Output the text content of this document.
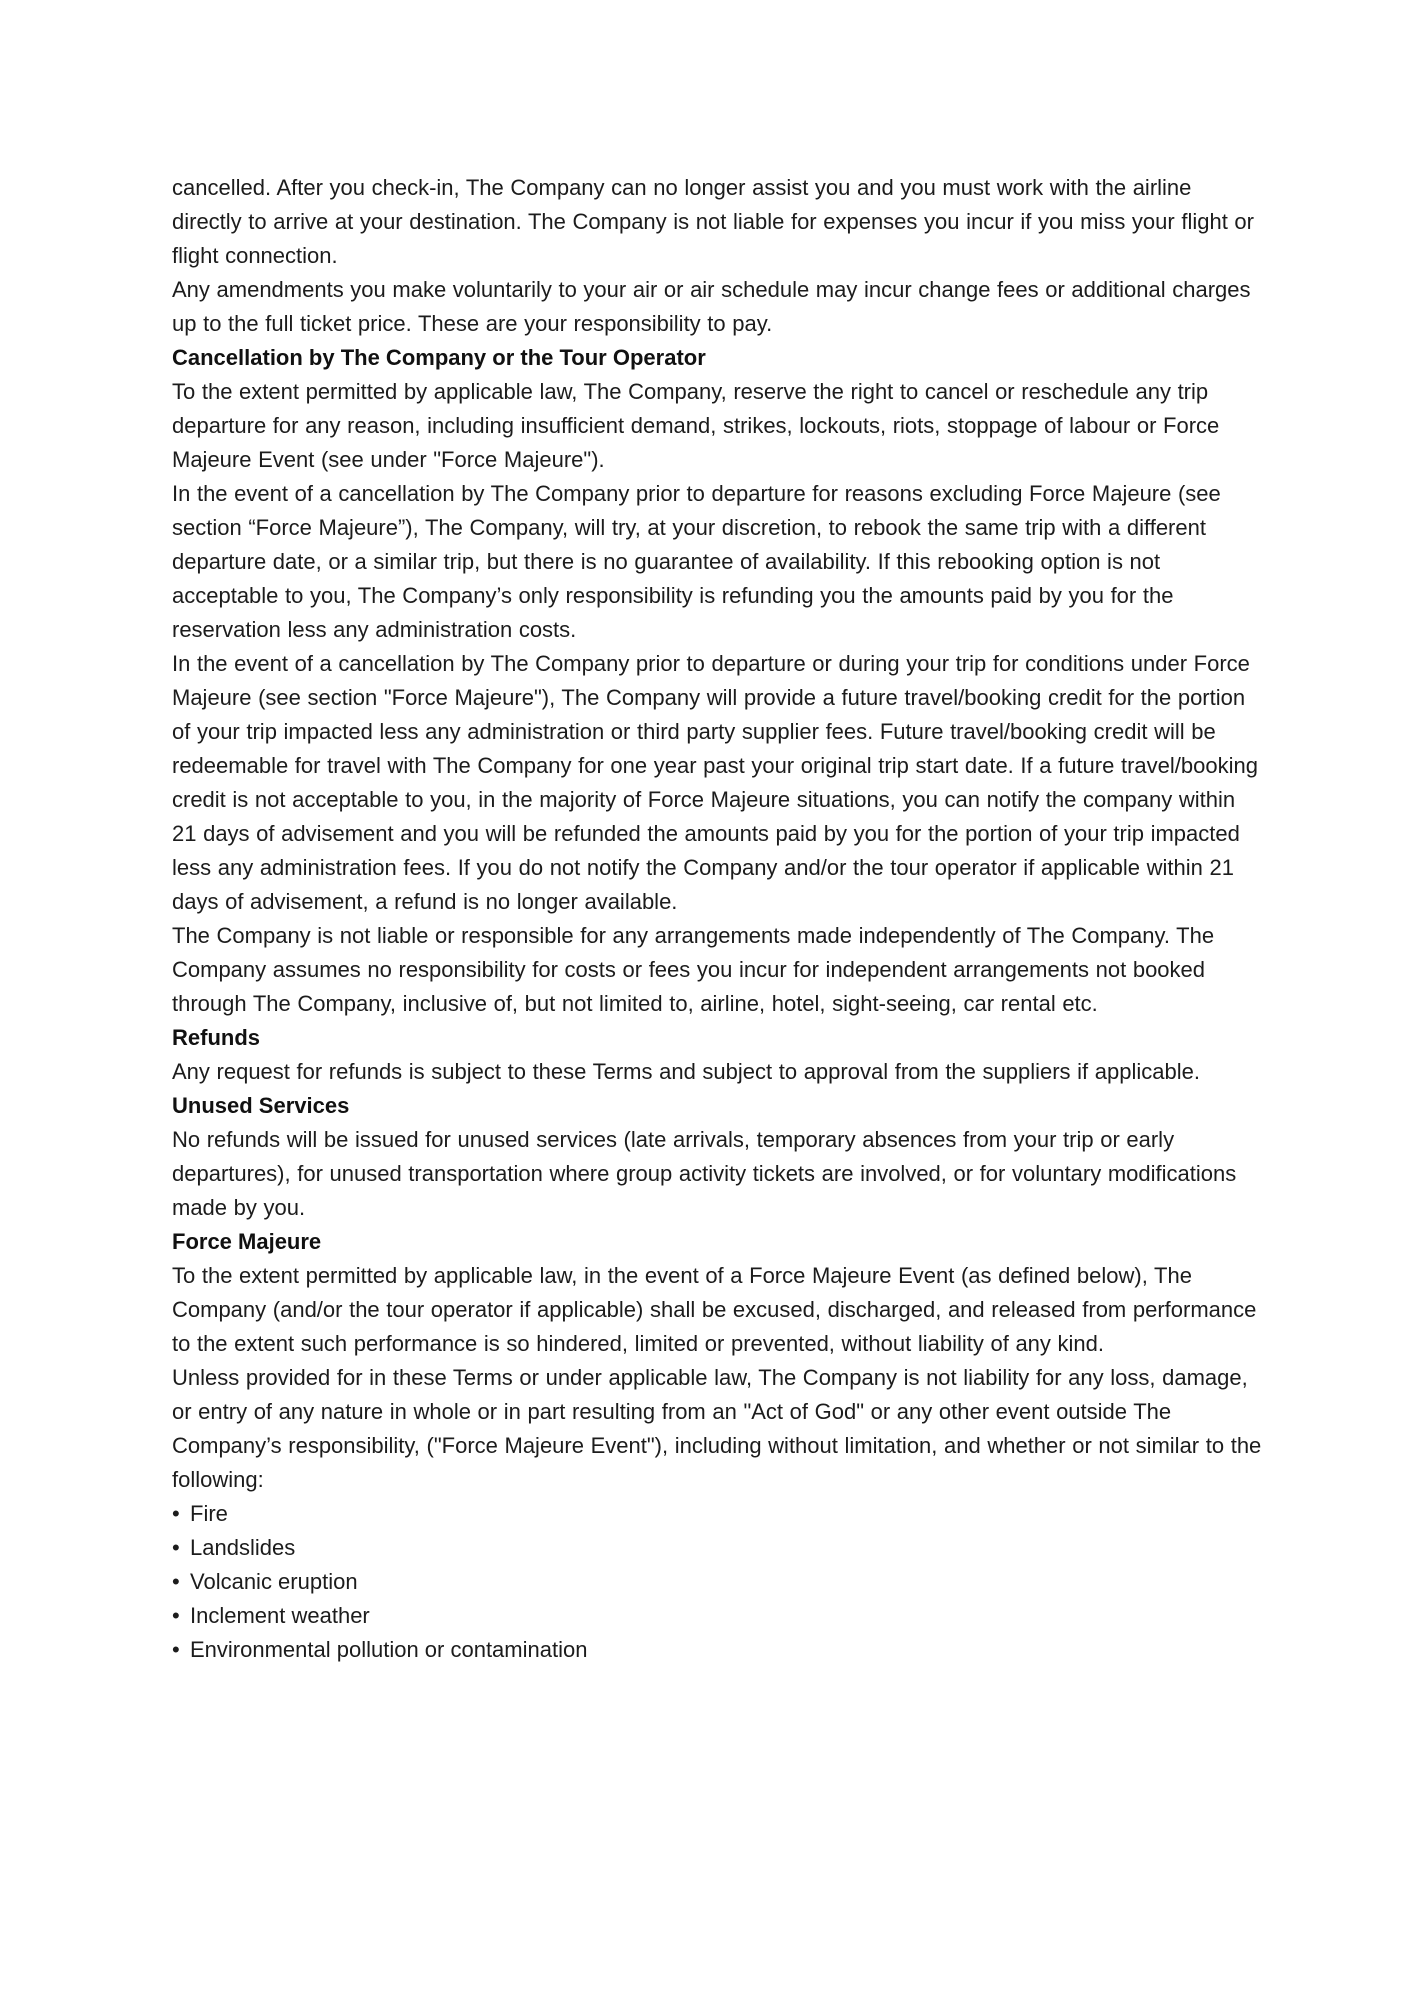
cancelled. After you check-in, The Company can no longer assist you and you must work with the airline directly to arrive at your destination. The Company is not liable for expenses you incur if you miss your flight or flight connection.

Any amendments you make voluntarily to your air or air schedule may incur change fees or additional charges up to the full ticket price. These are your responsibility to pay.

Cancellation by The Company or the Tour Operator

To the extent permitted by applicable law, The Company, reserve the right to cancel or reschedule any trip departure for any reason, including insufficient demand, strikes, lockouts, riots, stoppage of labour or Force Majeure Event (see under "Force Majeure").

In the event of a cancellation by The Company prior to departure for reasons excluding Force Majeure (see section “Force Majeure”), The Company, will try, at your discretion, to rebook the same trip with a different departure date, or a similar trip, but there is no guarantee of availability. If this rebooking option is not acceptable to you, The Company’s only responsibility is refunding you the amounts paid by you for the reservation less any administration costs.

In the event of a cancellation by The Company prior to departure or during your trip for conditions under Force Majeure (see section "Force Majeure"), The Company will provide a future travel/booking credit for the portion of your trip impacted less any administration or third party supplier fees. Future travel/booking credit will be redeemable for travel with The Company for one year past your original trip start date. If a future travel/booking credit is not acceptable to you, in the majority of Force Majeure situations, you can notify the company within 21 days of advisement and you will be refunded the amounts paid by you for the portion of your trip impacted less any administration fees. If you do not notify the Company and/or the tour operator if applicable within 21 days of advisement, a refund is no longer available.

The Company is not liable or responsible for any arrangements made independently of The Company. The Company assumes no responsibility for costs or fees you incur for independent arrangements not booked through The Company, inclusive of, but not limited to, airline, hotel, sight-seeing, car rental etc.

Refunds

Any request for refunds is subject to these Terms and subject to approval from the suppliers if applicable.

Unused Services

No refunds will be issued for unused services (late arrivals, temporary absences from your trip or early departures), for unused transportation where group activity tickets are involved, or for voluntary modifications made by you.

Force Majeure

To the extent permitted by applicable law, in the event of a Force Majeure Event (as defined below), The Company (and/or the tour operator if applicable) shall be excused, discharged, and released from performance to the extent such performance is so hindered, limited or prevented, without liability of any kind.

Unless provided for in these Terms or under applicable law, The Company is not liability for any loss, damage, or entry of any nature in whole or in part resulting from an "Act of God" or any other event outside The Company’s responsibility, ("Force Majeure Event"), including without limitation, and whether or not similar to the following:

• Fire
• Landslides
• Volcanic eruption
• Inclement weather
• Environmental pollution or contamination
